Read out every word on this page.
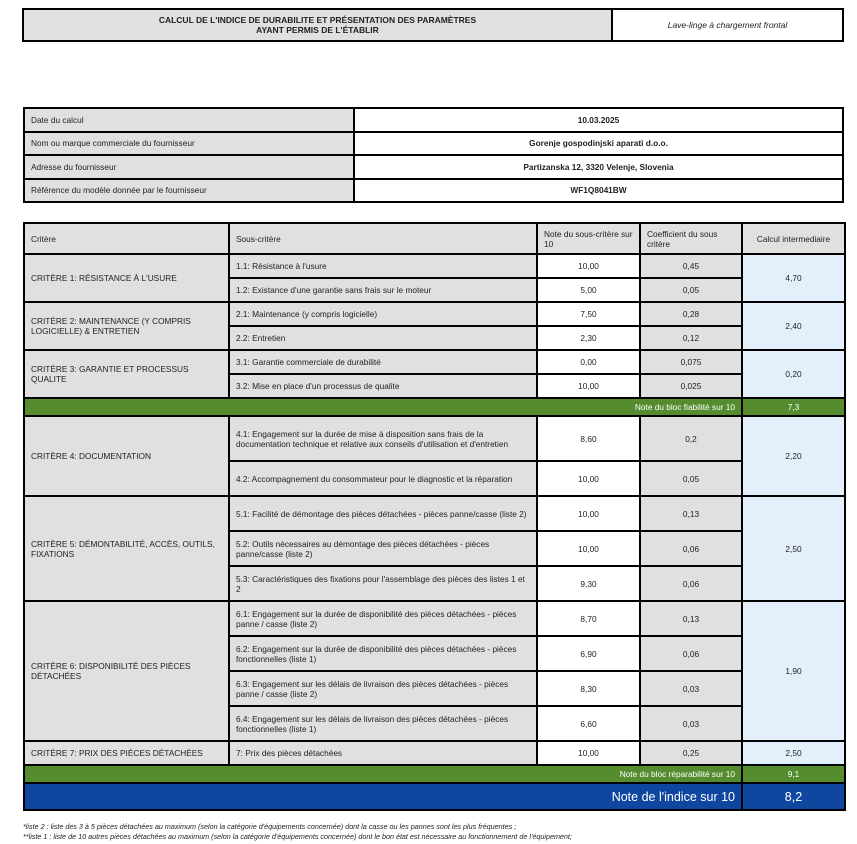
CALCUL DE L'INDICE DE DURABILITE ET PRÉSENTATION DES PARAMÈTRES
AYANT PERMIS DE L'ÉTABLIR	Lave-linge à chargement frontal
Date du calcul	10.03.2025
Nom ou marque commerciale du fournisseur	Gorenje gospodinjski aparati d.o.o.
Adresse du fournisseur	Partizanska 12, 3320 Velenje, Slovenia
Référence du modèle donnée par le fournisseur	WF1Q8041BW
Critère	Sous-critère	Note du sous-critère sur 10	Coefficient du sous critère	Calcul intermediaire
CRITÈRE 1: RÉSISTANCE À L'USURE	1.1: Résistance à l'usure	10,00	0,45	4,70
	1.2: Existance d'une garantie sans frais sur le moteur	5,00	0,05	
CRITÈRE 2: MAINTENANCE (Y COMPRIS LOGICIELLE) & ENTRETIEN	2.1: Maintenance (y compris logicielle)	7,50	0,28	2,40
	2.2: Entretien	2,30	0,12	
CRITÈRE 3: GARANTIE ET PROCESSUS QUALITE	3.1: Garantie commerciale de durabilité	0,00	0,075	0,20
	3.2: Mise en place d'un processus de qualite	10,00	0,025	
Note du bloc fiabilité sur 10				7,3
CRITÈRE 4: DOCUMENTATION	4.1: Engagement sur la durée de mise à disposition sans frais de la documentation technique et relative aux conseils d'utilisation et d'entretien	8,60	0,2	2,20
	4.2: Accompagnement du consommateur pour le diagnostic et la réparation	10,00	0,05	
CRITÈRE 5: DÉMONTABILITÉ, ACCÈS, OUTILS, FIXATIONS	5.1: Facilité de démontage des pièces détachées - pièces panne/casse (liste 2)	10,00	0,13	2,50
	5.2: Outils nécessaires au démontage des pièces détachées - pièces panne/casse (liste 2)	10,00	0,06	
	5.3: Caractéristiques des fixations pour l'assemblage des pièces des listes 1 et 2	9,30	0,06	
CRITÈRE 6: DISPONIBILITÉ DES PIÈCES DÉTACHÉES	6.1: Engagement sur la durée de disponibilité des pièces détachées - pièces panne / casse (liste 2)	8,70	0,13	1,90
	6.2: Engagement sur la durée de disponibilité des pièces détachées - pièces fonctionnelles (liste 1)	6,90	0,06	
	6.3: Engagement sur les délais de livraison des pièces détachées - pièces panne / casse (liste 2)	8,30	0,03	
	6.4: Engagement sur les délais de livraison des pièces détachées - pièces fonctionnelles (liste 1)	6,60	0,03	
CRITÈRE 7: PRIX DES PIÈCES DÉTACHÉES	7: Prix des pièces détachées	10,00	0,25	2,50
Note du bloc réparabilité sur 10				9,1
Note de l'indice sur 10				8,2
*liste 2 : liste des 3 à 5 pièces détachées au maximum (selon la catégorie d'équipements concernée) dont la casse ou les pannes sont les plus fréquentes ;
**liste 1 : liste de 10 autres pièces détachées au maximum (selon la catégorie d'équipements concernée) dont le bon état est nécessaire au fonctionnement de l'équipement;
